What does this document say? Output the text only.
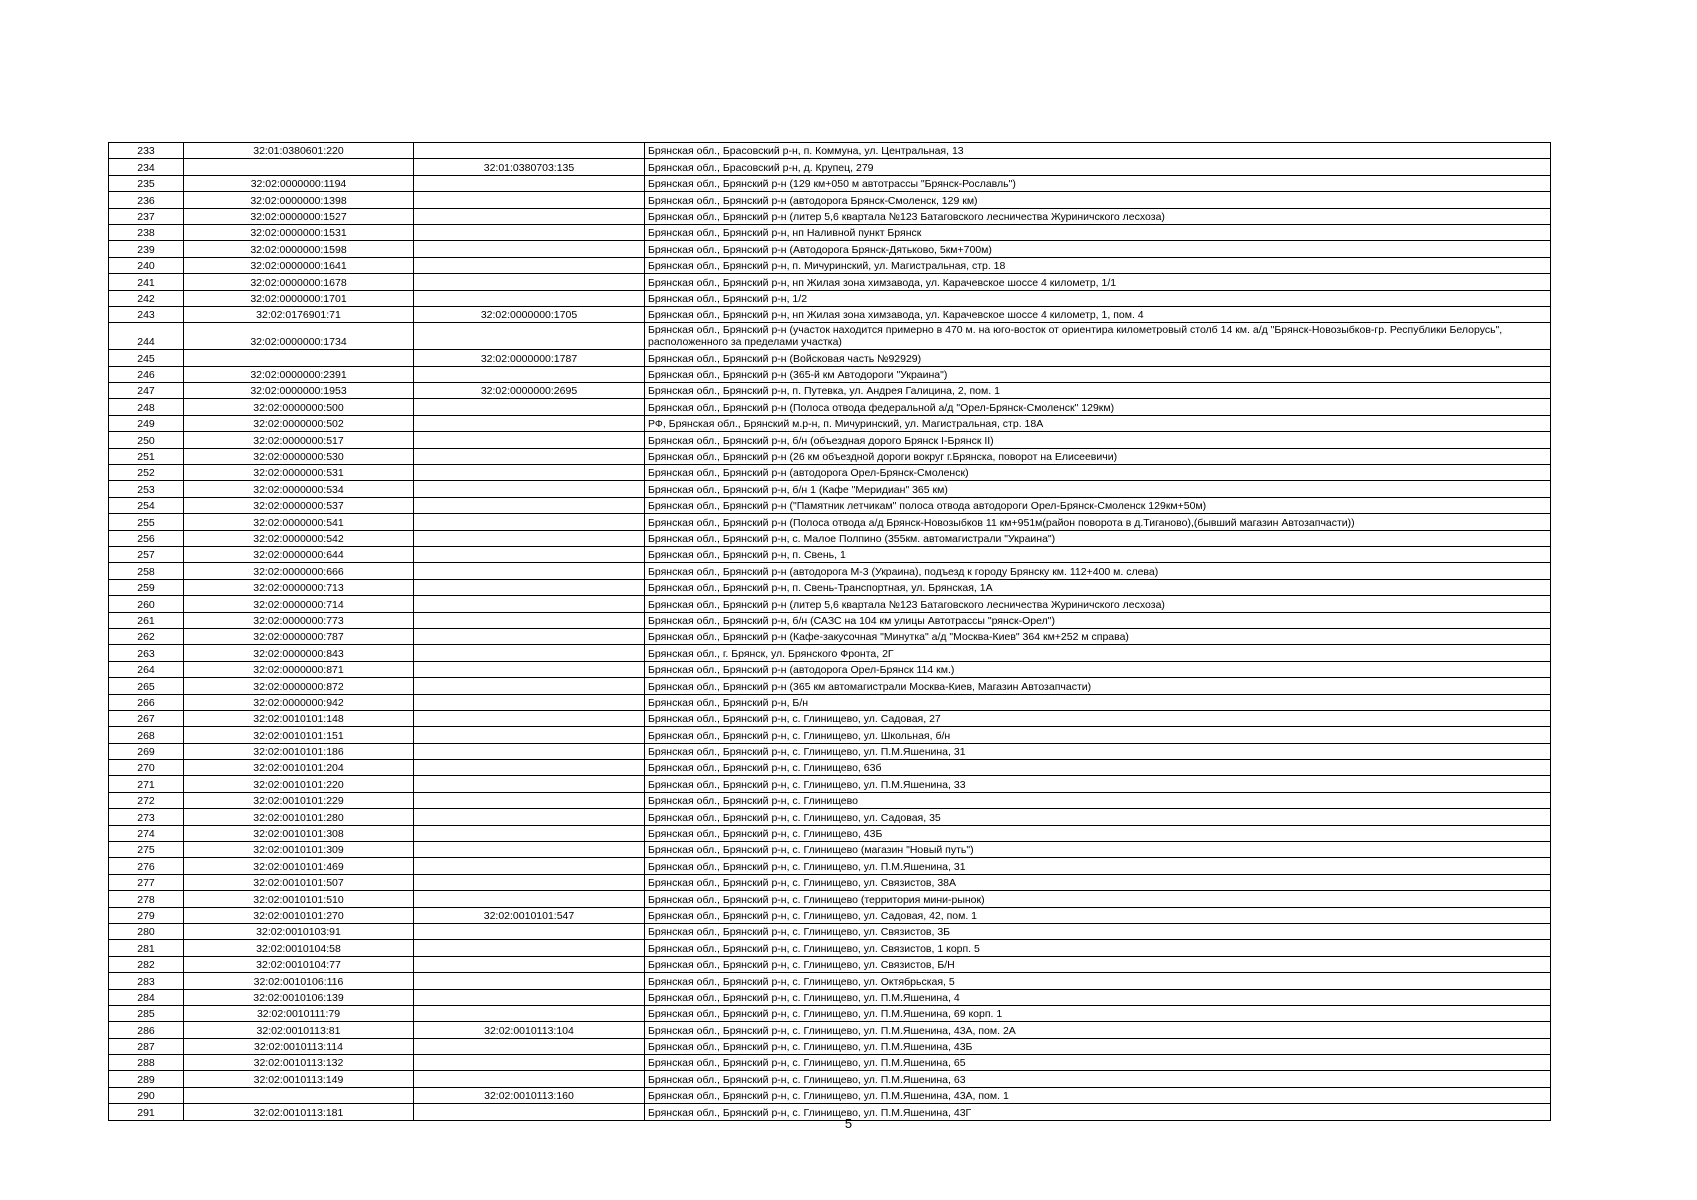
233	32:01:0380601:220		Брянская обл., Брасовский р-н, п. Коммуна, ул. Центральная, 13
234		32:01:0380703:135	Брянская обл., Брасовский р-н, д. Крупец, 279
235	32:02:0000000:1194		Брянская обл., Брянский р-н (129 км+050 м автотрассы "Брянск-Рославль")
236	32:02:0000000:1398		Брянская обл., Брянский р-н (автодорога Брянск-Смоленск, 129 км)
237	32:02:0000000:1527		Брянская обл., Брянский р-н (литер 5,6 квартала №123 Батаговского лесничества Журиничского лесхоза)
238	32:02:0000000:1531		Брянская обл., Брянский р-н, нп Наливной пункт Брянск
239	32:02:0000000:1598		Брянская обл., Брянский р-н (Автодорога Брянск-Дятьково, 5км+700м)
240	32:02:0000000:1641		Брянская обл., Брянский р-н, п. Мичуринский, ул. Магистральная, стр. 18
241	32:02:0000000:1678		Брянская обл., Брянский р-н, нп Жилая зона химзавода, ул. Карачевское шоссе 4 километр, 1/1
242	32:02:0000000:1701		Брянская обл., Брянский р-н, 1/2
243	32:02:0176901:71	32:02:0000000:1705	Брянская обл., Брянский р-н, нп Жилая зона химзавода, ул. Карачевское шоссе 4 километр, 1, пом. 4
244	32:02:0000000:1734		Брянская обл., Брянский р-н (участок находится примерно в 470 м. на юго-восток от ориентира километровый столб 14 км. а/д "Брянск-Новозыбков-гр. Республики Белорусь", расположенного за пределами участка)
245		32:02:0000000:1787	Брянская обл., Брянский р-н (Войсковая часть №92929)
246	32:02:0000000:2391		Брянская обл., Брянский р-н (365-й км Автодороги "Украина")
247	32:02:0000000:1953	32:02:0000000:2695	Брянская обл., Брянский р-н, п. Путевка, ул. Андрея Галицина, 2, пом. 1
248	32:02:0000000:500		Брянская обл., Брянский р-н (Полоса отвода федеральной а/д "Орел-Брянск-Смоленск" 129км)
249	32:02:0000000:502		РФ, Брянская обл., Брянский м.р-н, п. Мичуринский, ул. Магистральная, стр. 18А
250	32:02:0000000:517		Брянская обл., Брянский р-н, б/н (объездная дорого Брянск I-Брянск II)
251	32:02:0000000:530		Брянская обл., Брянский р-н (26 км объездной дороги вокруг г.Брянска, поворот на Елисеевичи)
252	32:02:0000000:531		Брянская обл., Брянский р-н (автодорога Орел-Брянск-Смоленск)
253	32:02:0000000:534		Брянская обл., Брянский р-н, б/н 1 (Кафе "Меридиан" 365 км)
254	32:02:0000000:537		Брянская обл., Брянский р-н ("Памятник летчикам" полоса отвода автодороги Орел-Брянск-Смоленск 129км+50м)
255	32:02:0000000:541		Брянская обл., Брянский р-н (Полоса отвода а/д Брянск-Новозыбков 11 км+951м(район поворота в д.Тиганово),(бывший магазин Автозапчасти))
256	32:02:0000000:542		Брянская обл., Брянский р-н, с. Малое Полпино (355км. автомагистрали "Украина")
257	32:02:0000000:644		Брянская обл., Брянский р-н, п. Свень, 1
258	32:02:0000000:666		Брянская обл., Брянский р-н (автодорога М-3 (Украина), подъезд к городу Брянску км. 112+400 м. слева)
259	32:02:0000000:713		Брянская обл., Брянский р-н, п. Свень-Транспортная, ул. Брянская, 1А
260	32:02:0000000:714		Брянская обл., Брянский р-н (литер 5,6 квартала №123 Батаговского лесничества Журиничского лесхоза)
261	32:02:0000000:773		Брянская обл., Брянский р-н, б/н (САЗС на 104 км улицы Автотрассы "рянск-Орел")
262	32:02:0000000:787		Брянская обл., Брянский р-н (Кафе-закусочная "Минутка" а/д "Москва-Киев" 364 км+252 м справа)
263	32:02:0000000:843		Брянская обл., г. Брянск, ул. Брянского Фронта, 2Г
264	32:02:0000000:871		Брянская обл., Брянский р-н (автодорога Орел-Брянск 114 км.)
265	32:02:0000000:872		Брянская обл., Брянский р-н (365 км автомагистрали Москва-Киев, Магазин Автозапчасти)
266	32:02:0000000:942		Брянская обл., Брянский р-н, Б/н
267	32:02:0010101:148		Брянская обл., Брянский р-н, с. Глинищево, ул. Садовая, 27
268	32:02:0010101:151		Брянская обл., Брянский р-н, с. Глинищево, ул. Школьная, б/н
269	32:02:0010101:186		Брянская обл., Брянский р-н, с. Глинищево, ул. П.М.Яшенина, 31
270	32:02:0010101:204		Брянская обл., Брянский р-н, с. Глинищево, 63б
271	32:02:0010101:220		Брянская обл., Брянский р-н, с. Глинищево, ул. П.М.Яшенина, 33
272	32:02:0010101:229		Брянская обл., Брянский р-н, с. Глинищево
273	32:02:0010101:280		Брянская обл., Брянский р-н, с. Глинищево, ул. Садовая, 35
274	32:02:0010101:308		Брянская обл., Брянский р-н, с. Глинищево, 43Б
275	32:02:0010101:309		Брянская обл., Брянский р-н, с. Глинищево (магазин "Новый путь")
276	32:02:0010101:469		Брянская обл., Брянский р-н, с. Глинищево, ул. П.М.Яшенина, 31
277	32:02:0010101:507		Брянская обл., Брянский р-н, с. Глинищево, ул. Связистов, 38А
278	32:02:0010101:510		Брянская обл., Брянский р-н, с. Глинищево (территория мини-рынок)
279	32:02:0010101:270	32:02:0010101:547	Брянская обл., Брянский р-н, с. Глинищево, ул. Садовая, 42, пом. 1
280	32:02:0010103:91		Брянская обл., Брянский р-н, с. Глинищево, ул. Связистов, 3Б
281	32:02:0010104:58		Брянская обл., Брянский р-н, с. Глинищево, ул. Связистов, 1 корп. 5
282	32:02:0010104:77		Брянская обл., Брянский р-н, с. Глинищево, ул. Связистов, Б/Н
283	32:02:0010106:116		Брянская обл., Брянский р-н, с. Глинищево, ул. Октябрьская, 5
284	32:02:0010106:139		Брянская обл., Брянский р-н, с. Глинищево, ул. П.М.Яшенина, 4
285	32:02:0010111:79		Брянская обл., Брянский р-н, с. Глинищево, ул. П.М.Яшенина, 69 корп. 1
286	32:02:0010113:81	32:02:0010113:104	Брянская обл., Брянский р-н, с. Глинищево, ул. П.М.Яшенина, 43А, пом. 2А
287	32:02:0010113:114		Брянская обл., Брянский р-н, с. Глинищево, ул. П.М.Яшенина, 43Б
288	32:02:0010113:132		Брянская обл., Брянский р-н, с. Глинищево, ул. П.М.Яшенина, 65
289	32:02:0010113:149		Брянская обл., Брянский р-н, с. Глинищево, ул. П.М.Яшенина, 63
290		32:02:0010113:160	Брянская обл., Брянский р-н, с. Глинищево, ул. П.М.Яшенина, 43А, пом. 1
291	32:02:0010113:181		Брянская обл., Брянский р-н, с. Глинищево, ул. П.М.Яшенина, 43Г
5
